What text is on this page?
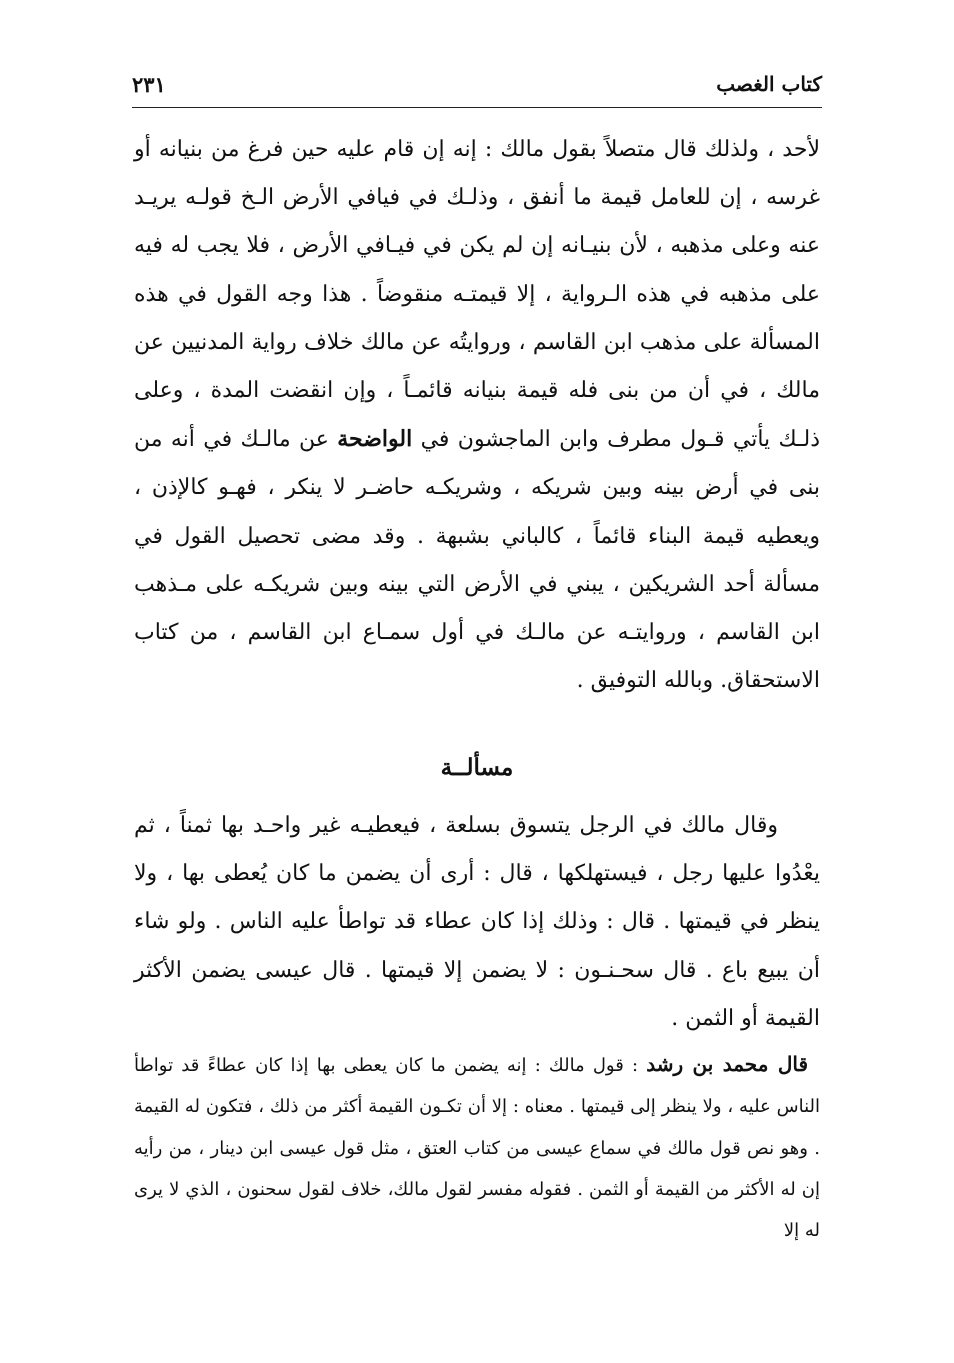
كتاب الغصب
٢٣١

لأحد ، ولذلك قال متصلاً بقول مالك : إنه إن قام عليه حين فرغ من بنيانه أو غرسه ، إن للعامل قيمة ما أنفق ، وذلـك في فيافي الأرض الـخ قولـه يريـد عنه وعلى مذهبه ، لأن بنيـانه إن لم يكن في فيـافي الأرض ، فلا يجب له فيه على مذهبه في هذه الـرواية ، إلا قيمتـه منقوضاً . هذا وجه القول في هذه المسألة على مذهب ابن القاسم ، وروايتُه عن مالك خلاف رواية المدنيين عن مالك ، في أن من بنى فله قيمة بنيانه قائمـاً ، وإن انقضت المدة ، وعلى ذلـك يأتي قـول مطرف وابن الماجشون في الواضحة عن مالـك في أنه من بنى في أرض بينه وبين شريكه ، وشريكـه حاضـر لا ينكر ، فهـو كالإذن ، ويعطيه قيمة البناء قائماً ، كالباني بشبهة . وقد مضى تحصيل القول في مسألة أحد الشريكين ، يبني في الأرض التي بينه وبين شريكـه على مـذهب ابن القاسم ، وروايتـه عن مالـك في أول سمـاع ابن القاسم ، من كتاب الاستحقاق. وبالله التوفيق .

مسألــة
وقال مالك في الرجل يتسوق بسلعة ، فيعطيـه غير واحـد بها ثمناً ، ثم يعْدُوا عليها رجل ، فيستهلكها ، قال : أرى أن يضمن ما كان يُعطى بها ، ولا ينظر في قيمتها . قال : وذلك إذا كان عطاء قد تواطأ عليه الناس . ولو شاء أن يبيع باع . قال سحـنـون : لا يضمن إلا قيمتها . قال عيسى يضمن الأكثر القيمة أو الثمن .
قال محمد بن رشد : قول مالك : إنه يضمن ما كان يعطى بها إذا كان عطاءً قد تواطأ الناس عليه ، ولا ينظر إلى قيمتها . معناه : إلا أن تكـون القيمة أكثر من ذلك ، فتكون له القيمة . وهو نص قول مالك في سماع عيسى من كتاب العتق ، مثل قول عيسى ابن دينار ، من رأيه إن له الأكثر من القيمة أو الثمن . فقوله مفسر لقول مالك، خلاف لقول سحنون ، الذي لا يرى له إلا
